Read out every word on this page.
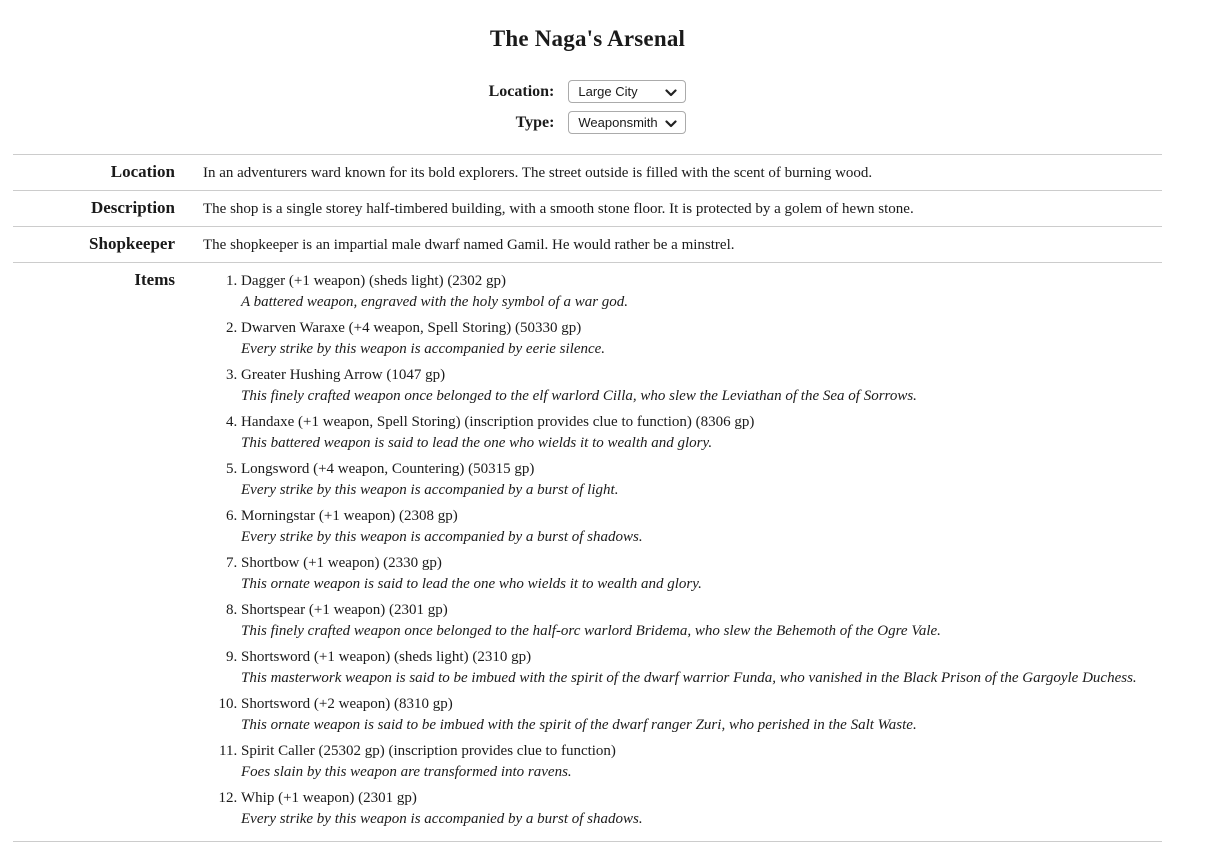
The Naga's Arsenal
Location:	
Large City

Type:	
Weaponsmith
Location	In an adventurers ward known for its bold explorers. The street outside is filled with the scent of burning wood.
Description	The shop is a single storey half-timbered building, with a smooth stone floor. It is protected by a golem of hewn stone.
Shopkeeper	The shopkeeper is an impartial male dwarf named Gamil. He would rather be a minstrel.
Items	
1.Dagger (+1 weapon) (sheds light) (2302 gp)
A battered weapon, engraved with the holy symbol of a war god.
2. Dwarven Waraxe (+4 weapon, Spell Storing) (50330 gp)
Every strike by this weapon is accompanied by eerie silence.
3. Greater Hushing Arrow (1047 gp)
This finely crafted weapon once belonged to the elf warlord Cilla, who slew the Leviathan of the Sea of Sorrows.
4. Handaxe (+1 weapon, Spell Storing) (inscription provides clue to function) (8306 gp)
This battered weapon is said to lead the one who wields it to wealth and glory.
5. Longsword (+4 weapon, Countering) (50315 gp)
Every strike by this weapon is accompanied by a burst of light.
6. Morningstar (+1 weapon) (2308 gp)
Every strike by this weapon is accompanied by a burst of shadows.
7. Shortbow (+1 weapon) (2330 gp)
This ornate weapon is said to lead the one who wields it to wealth and glory.
8. Shortspear (+1 weapon) (2301 gp)
This finely crafted weapon once belonged to the half-orc warlord Bridema, who slew the Behemoth of the Ogre Vale.
9. Shortsword (+1 weapon) (sheds light) (2310 gp)
This masterwork weapon is said to be imbued with the spirit of the dwarf warrior Funda, who vanished in the Black Prison of the Gargoyle Duchess.
10. Shortsword (+2 weapon) (8310 gp)
This ornate weapon is said to be imbued with the spirit of the dwarf ranger Zuri, who perished in the Salt Waste.
11. Spirit Caller (25302 gp) (inscription provides clue to function)
Foes slain by this weapon are transformed into ravens.
12. Whip (+1 weapon) (2301 gp)
Every strike by this weapon is accompanied by a burst of shadows.
